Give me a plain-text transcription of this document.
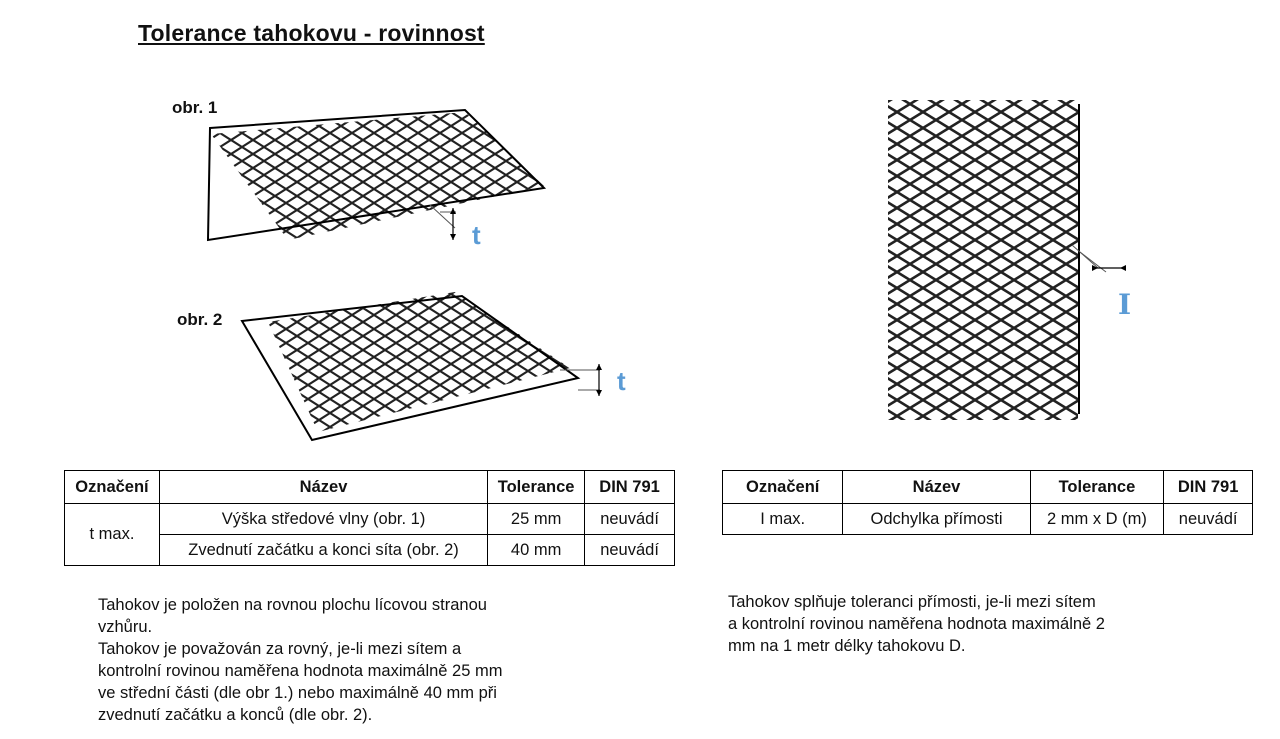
Tolerance tahokovu - rovinnost
obr. 1
obr. 2
t
t
I
Označení	Název	Tolerance	DIN 791
t max.	Výška středové vlny (obr. 1)	25 mm	neuvádí
	Zvednutí začátku a konci síta (obr. 2)	40 mm	neuvádí
Označení	Název	Tolerance	DIN 791
I max.	Odchylka přímosti	2 mm x D (m)	neuvádí
Tahokov je položen na rovnou plochu lícovou stranou
vzhůru.
Tahokov je považován za rovný, je-li mezi sítem a
kontrolní rovinou naměřena hodnota maximálně 25 mm
ve střední části (dle obr 1.) nebo maximálně 40 mm při
zvednutí začátku a konců (dle obr. 2).
Tahokov splňuje toleranci přímosti, je-li mezi sítem
a kontrolní rovinou naměřena hodnota maximálně 2
mm na 1 metr délky tahokovu D.
